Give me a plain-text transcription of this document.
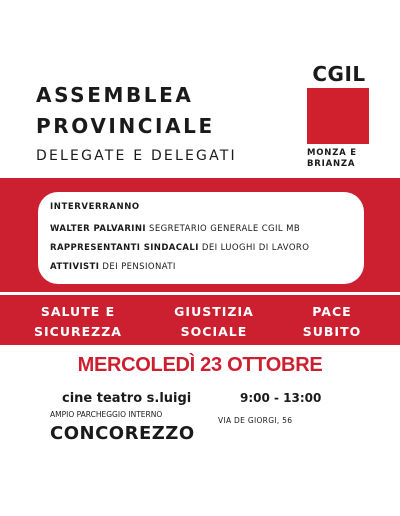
ASSEMBLEA
PROVINCIALE
DELEGATE E DELEGATI
CGIL
MONZA E
BRIANZA
INTERVERRANNO
WALTER PALVARINI SEGRETARIO GENERALE CGIL MB
RAPPRESENTANTI SINDACALI DEI LUOGHI DI LAVORO
ATTIVISTI DEI PENSIONATI
SALUTE E
SICUREZZA
GIUSTIZIA
SOCIALE
PACE
SUBITO
MERCOLEDÌ 23 OTTOBRE
cine teatro s.luigi	9:00 - 13:00
AMPIO PARCHEGGIO INTERNO
CONCOREZZO
VIA DE GIORGI, 56
